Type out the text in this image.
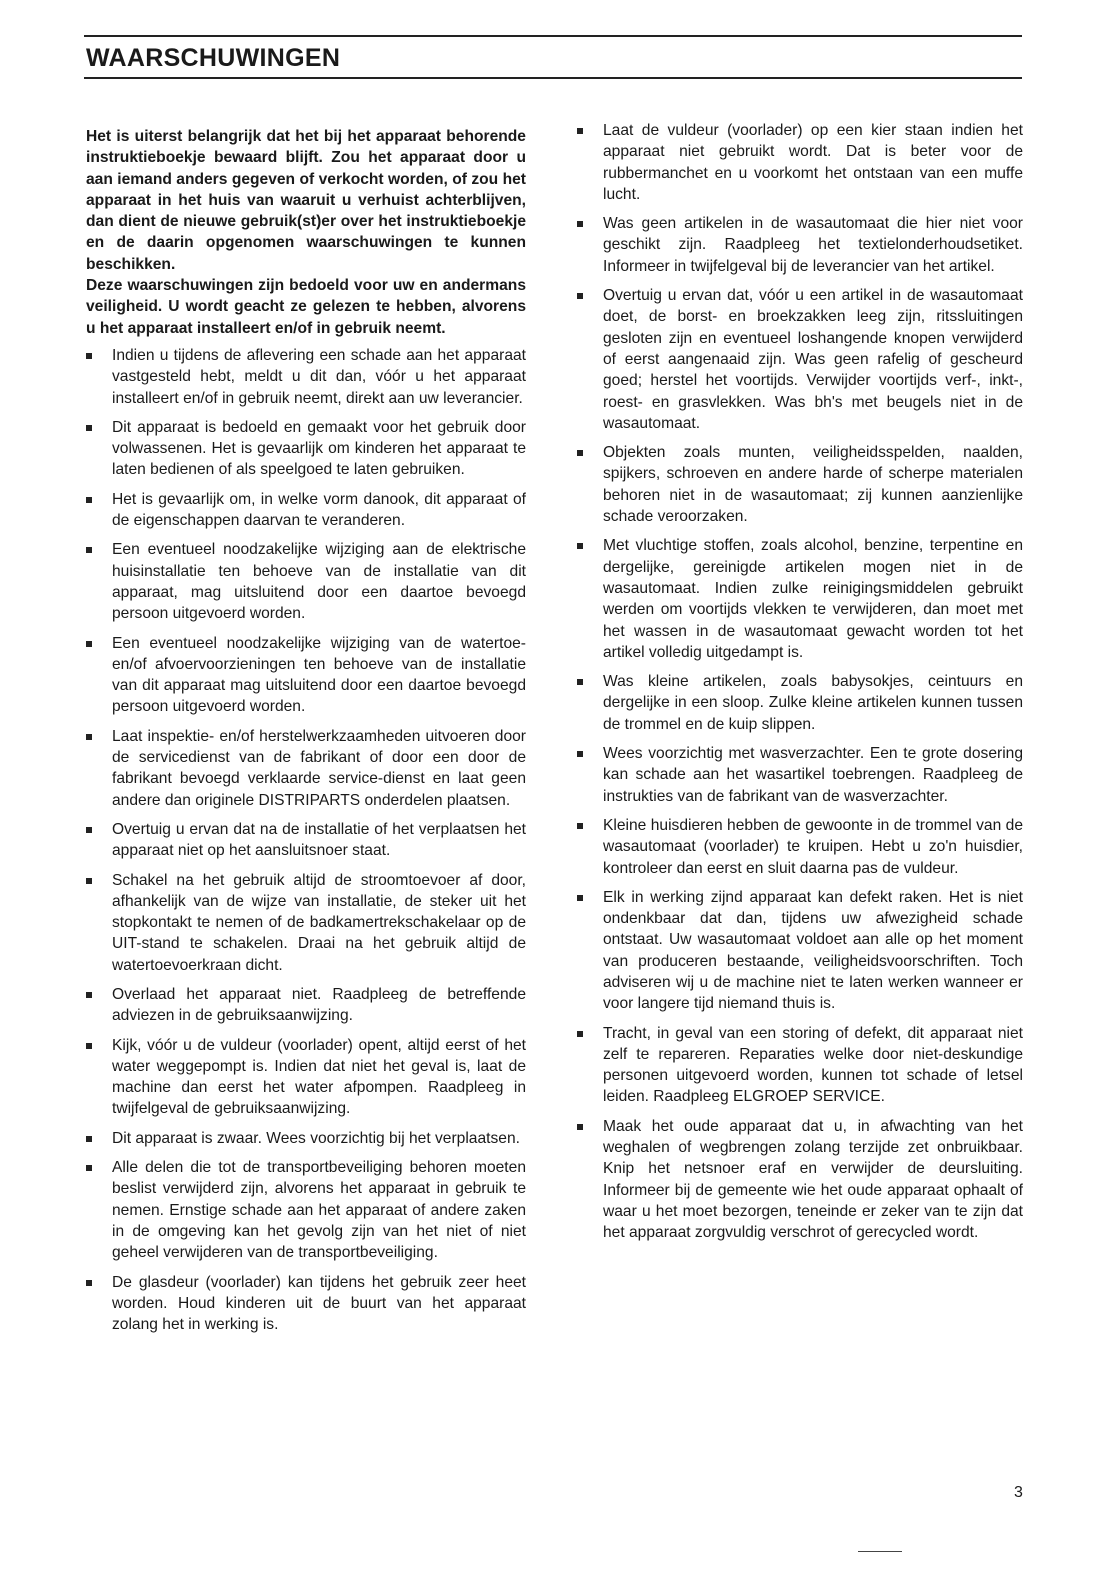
WAARSCHUWINGEN

Het is uiterst belangrijk dat het bij het apparaat behorende instruktieboekje bewaard blijft. Zou het apparaat door u aan iemand anders gegeven of verkocht worden, of zou het apparaat in het huis van waaruit u verhuist achterblijven, dan dient de nieuwe gebruik(st)er over het instruktieboekje en de daarin opgenomen waarschuwingen te kunnen beschikken.

Deze waarschuwingen zijn bedoeld voor uw en andermans veiligheid. U wordt geacht ze gelezen te hebben, alvorens u het apparaat installeert en/of in gebruik neemt.

Indien u tijdens de aflevering een schade aan het apparaat vastgesteld hebt, meldt u dit dan, vóór u het apparaat installeert en/of in gebruik neemt, direkt aan uw leverancier.
Dit apparaat is bedoeld en gemaakt voor het gebruik door volwassenen. Het is gevaarlijk om kinderen het apparaat te laten bedienen of als speelgoed te laten gebruiken.
Het is gevaarlijk om, in welke vorm danook, dit apparaat of de eigenschappen daarvan te veranderen.
Een eventueel noodzakelijke wijziging aan de elektrische huisinstallatie ten behoeve van de installatie van dit apparaat, mag uitsluitend door een daartoe bevoegd persoon uitgevoerd worden.
Een eventueel noodzakelijke wijziging van de watertoe- en/of afvoervoorzieningen ten behoeve van de installatie van dit apparaat mag uitsluitend door een daartoe bevoegd persoon uitgevoerd worden.
Laat inspektie- en/of herstelwerkzaamheden uitvoeren door de servicedienst van de fabrikant of door een door de fabrikant bevoegd verklaarde service-dienst en laat geen andere dan originele DISTRIPARTS onderdelen plaatsen.
Overtuig u ervan dat na de installatie of het verplaatsen het apparaat niet op het aansluitsnoer staat.
Schakel na het gebruik altijd de stroomtoevoer af door, afhankelijk van de wijze van installatie, de steker uit het stopkontakt te nemen of de badkamertrekschakelaar op de UIT-stand te schakelen. Draai na het gebruik altijd de watertoevoerkraan dicht.
Overlaad het apparaat niet. Raadpleeg de betreffende adviezen in de gebruiksaanwijzing.
Kijk, vóór u de vuldeur (voorlader) opent, altijd eerst of het water weggepompt is. Indien dat niet het geval is, laat de machine dan eerst het water afpompen. Raadpleeg in twijfelgeval de gebruiksaanwijzing.
Dit apparaat is zwaar. Wees voorzichtig bij het verplaatsen.
Alle delen die tot de transportbeveiliging behoren moeten beslist verwijderd zijn, alvorens het apparaat in gebruik te nemen. Ernstige schade aan het apparaat of andere zaken in de omgeving kan het gevolg zijn van het niet of niet geheel verwijderen van de transportbeveiliging.
De glasdeur (voorlader) kan tijdens het gebruik zeer heet worden. Houd kinderen uit de buurt van het apparaat zolang het in werking is.
Laat de vuldeur (voorlader) op een kier staan indien het apparaat niet gebruikt wordt. Dat is beter voor de rubbermanchet en u voorkomt het ontstaan van een muffe lucht.
Was geen artikelen in de wasautomaat die hier niet voor geschikt zijn. Raadpleeg het textielonderhoudsetiket. Informeer in twijfelgeval bij de leverancier van het artikel.
Overtuig u ervan dat, vóór u een artikel in de wasautomaat doet, de borst- en broekzakken leeg zijn, ritssluitingen gesloten zijn en eventueel loshangende knopen verwijderd of eerst aangenaaid zijn. Was geen rafelig of gescheurd goed; herstel het voortijds. Verwijder voortijds verf-, inkt-, roest- en grasvlekken. Was bh's met beugels niet in de wasautomaat.
Objekten zoals munten, veiligheidsspelden, naalden, spijkers, schroeven en andere harde of scherpe materialen behoren niet in de wasautomaat; zij kunnen aanzienlijke schade veroorzaken.
Met vluchtige stoffen, zoals alcohol, benzine, terpentine en dergelijke, gereinigde artikelen mogen niet in de wasautomaat. Indien zulke reinigingsmiddelen gebruikt werden om voortijds vlekken te verwijderen, dan moet met het wassen in de wasautomaat gewacht worden tot het artikel volledig uitgedampt is.
Was kleine artikelen, zoals babysokjes, ceintuurs en dergelijke in een sloop. Zulke kleine artikelen kunnen tussen de trommel en de kuip slippen.
Wees voorzichtig met wasverzachter. Een te grote dosering kan schade aan het wasartikel toebrengen. Raadpleeg de instrukties van de fabrikant van de wasverzachter.
Kleine huisdieren hebben de gewoonte in de trommel van de wasautomaat (voorlader) te kruipen. Hebt u zo'n huisdier, kontroleer dan eerst en sluit daarna pas de vuldeur.
Elk in werking zijnd apparaat kan defekt raken. Het is niet ondenkbaar dat dan, tijdens uw afwezigheid schade ontstaat. Uw wasautomaat voldoet aan alle op het moment van produceren bestaande, veiligheidsvoorschriften. Toch adviseren wij u de machine niet te laten werken wanneer er voor langere tijd niemand thuis is.
Tracht, in geval van een storing of defekt, dit apparaat niet zelf te repareren. Reparaties welke door niet-deskundige personen uitgevoerd worden, kunnen tot schade of letsel leiden. Raadpleeg ELGROEP SERVICE.
Maak het oude apparaat dat u, in afwachting van het weghalen of wegbrengen zolang terzijde zet onbruikbaar. Knip het netsnoer eraf en verwijder de deursluiting. Informeer bij de gemeente wie het oude apparaat ophaalt of waar u het moet bezorgen, teneinde er zeker van te zijn dat het apparaat zorgvuldig verschrot of gerecycled wordt.
3
